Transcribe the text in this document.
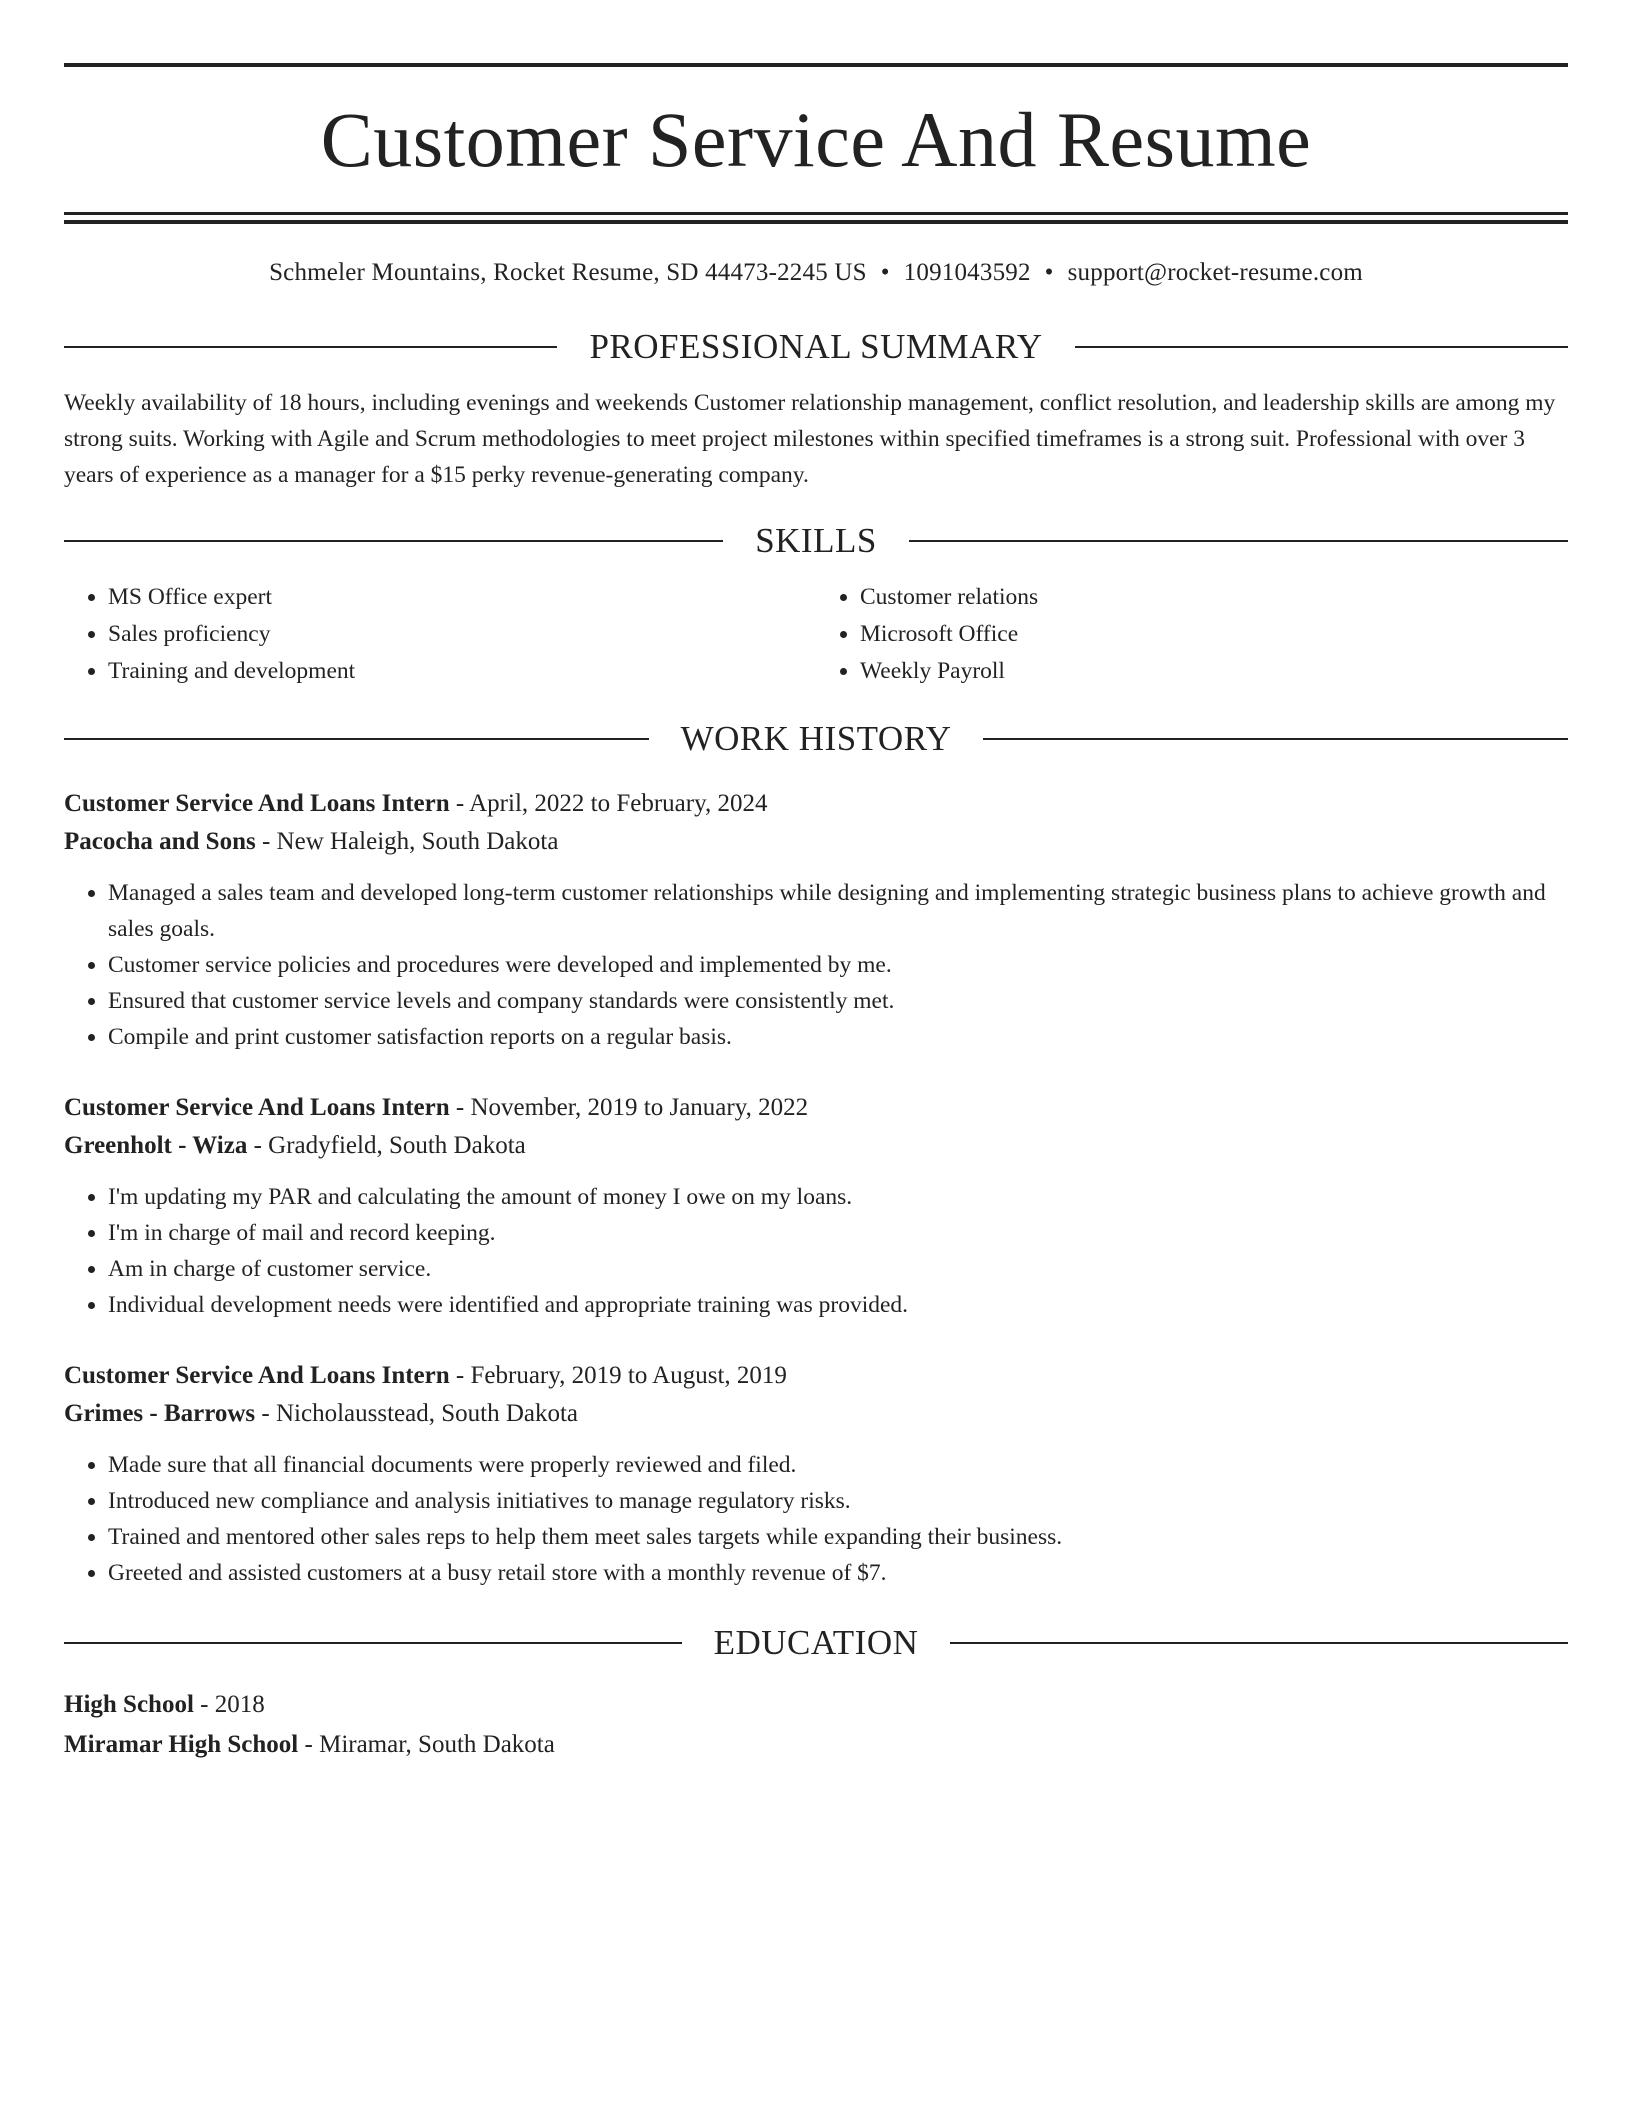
Customer Service And Resume
Schmeler Mountains, Rocket Resume, SD 44473-2245 US • 1091043592 • support@rocket-resume.com
PROFESSIONAL SUMMARY

Weekly availability of 18 hours, including evenings and weekends Customer relationship management, conflict resolution, and leadership skills are among my strong suits. Working with Agile and Scrum methodologies to meet project milestones within specified timeframes is a strong suit. Professional with over 3 years of experience as a manager for a $15 perky revenue-generating company.

SKILLS
• MS Office expert
• Sales proficiency
• Training and development
• Customer relations
• Microsoft Office
• Weekly Payroll
WORK HISTORY
Customer Service And Loans Intern - April, 2022 to February, 2024
Pacocha and Sons - New Haleigh, South Dakota
• Managed a sales team and developed long-term customer relationships while designing and implementing strategic business plans to achieve growth and sales goals.
• Customer service policies and procedures were developed and implemented by me.
• Ensured that customer service levels and company standards were consistently met.
• Compile and print customer satisfaction reports on a regular basis.
Customer Service And Loans Intern - November, 2019 to January, 2022
Greenholt - Wiza - Gradyfield, South Dakota
• I'm updating my PAR and calculating the amount of money I owe on my loans.
• I'm in charge of mail and record keeping.
• Am in charge of customer service.
• Individual development needs were identified and appropriate training was provided.
Customer Service And Loans Intern - February, 2019 to August, 2019
Grimes - Barrows - Nicholausstead, South Dakota
• Made sure that all financial documents were properly reviewed and filed.
• Introduced new compliance and analysis initiatives to manage regulatory risks.
• Trained and mentored other sales reps to help them meet sales targets while expanding their business.
• Greeted and assisted customers at a busy retail store with a monthly revenue of $7.
EDUCATION
High School - 2018
Miramar High School - Miramar, South Dakota
